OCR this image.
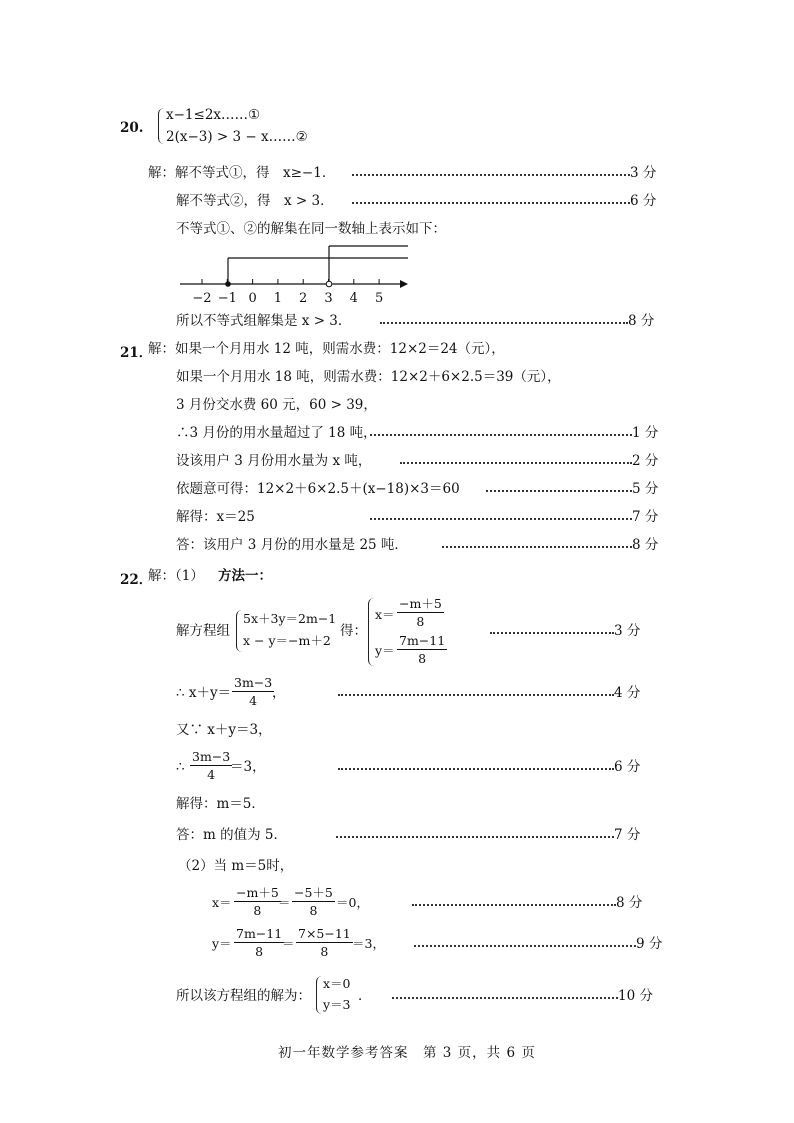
20.
x−1≤2x……①
2(x−3) > 3 − x……②
解：解不等式①，得　x≥−1．	3 分
解不等式②，得　x > 3．	6 分
不等式①、②的解集在同一数轴上表示如下：
−2 −1 0 1 2 3 4 5
所以不等式组解集是 x > 3．	8 分
21．
解：如果一个月用水 12 吨，则需水费：12×2＝24（元），
如果一个月用水 18 吨，则需水费：12×2＋6×2.5＝39（元），
3 月份交水费 60 元，60 > 39，
∴3 月份的用水量超过了 18 吨，	1 分
设该用户 3 月份用水量为 x 吨，	2 分
依题意可得：12×2＋6×2.5＋(x−18)×3＝60	5 分
解得：x＝25	7 分
答：该用户 3 月份的用水量是 25 吨．	8 分
22．
解：（1） 方法一：
解方程组
5x＋3y＝2m−1
x − y＝−m＋2
得：
x＝
−m＋5
8
y＝
7m−11
8
3 分
∴ x＋y＝
3m−3
4 ，	4 分
又∵ x＋y＝3，
∴
3m−3
4 ＝3，	6 分
解得：m＝5．
答：m 的值为 5．	7 分
（2）当 m＝5时，
x＝
−m＋5
8
＝
−5＋5
8
＝0，	8 分
y＝
7m−11
8
＝
7×5−11
8
＝3，	9 分
所以该方程组的解为：
x＝0
y＝3
．	10 分
初一年数学参考答案　第 3 页，共 6 页
